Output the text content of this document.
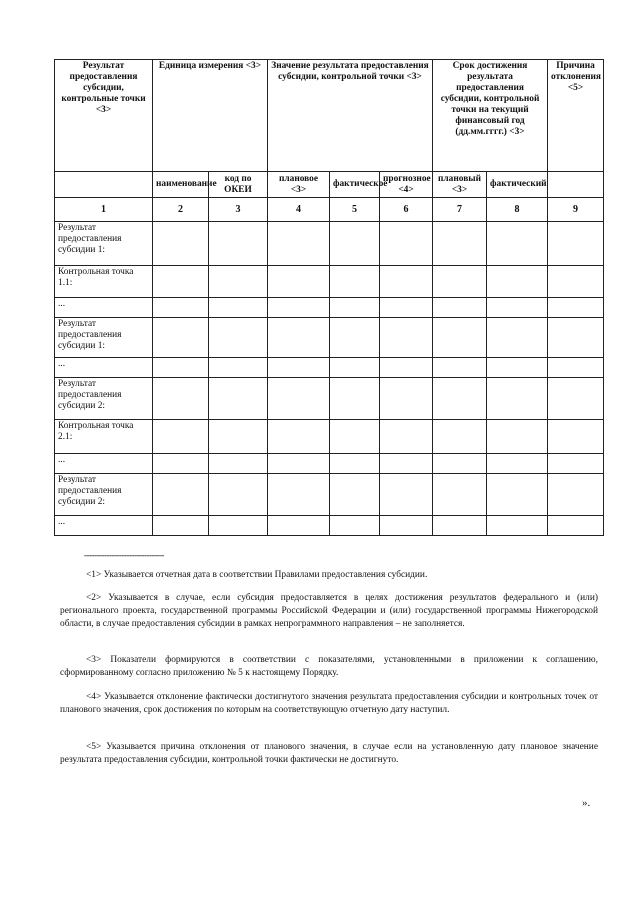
Результат предоставления субсидии, контрольные точки <3>	Единица измерения <3>		Значение результата предоставления субсидии, контрольной точки <3>			Срок достижения результата предоставления субсидии, контрольной точки на текущий финансовый год (дд.мм.гггг.) <3>		Причина отклонения <5>
	наименование	код по ОКЕИ	плановое <3>	фактическое	прогнозное <4>	плановый <3>	фактический	
1	2	3	4	5	6	7	8	9
Результат предоставления субсидии 1:								
Контрольная точка 1.1:								
...								
Результат предоставления субсидии 1:								
...								
Результат предоставления субсидии 2:								
Контрольная точка 2.1:								
...								
Результат предоставления субсидии 2:								
...								
--------------------------------

<1> Указывается отчетная дата в соответствии Правилами предоставления субсидии.

<2> Указывается в случае, если субсидия предоставляется в целях достижения результатов федерального и (или) регионального проекта, государственной программы Российской Федерации и (или) государственной программы Нижегородской области, в случае предоставления субсидии в рамках непрограммного направления – не заполняется.

<3> Показатели формируются в соответствии с показателями, установленными в приложении к соглашению, сформированному согласно приложению № 5 к настоящему Порядку.

<4> Указывается отклонение фактически достигнутого значения результата предоставления субсидии и контрольных точек от планового значения, срок достижения по которым на соответствующую отчетную дату наступил.

<5> Указывается причина отклонения от планового значения, в случае если на установленную дату плановое значение результата предоставления субсидии, контрольной точки фактически не достигнуто.

».
